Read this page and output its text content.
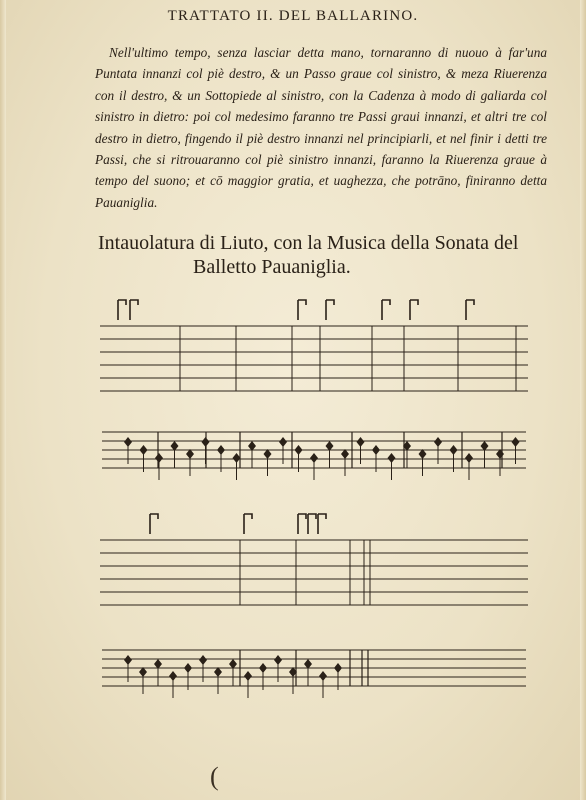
TRATTATO II. DEL BALLARINO.
Nell'ultimo tempo, senza lasciar detta mano, tornaranno di nuouo à far'una Puntata innanzi col piè destro, & un Passo graue col sinistro, & meza Riuerenza con il destro, & un Sottopiede al sinistro, con la Cadenza à modo di galiarda col sinistro in dietro: poi col medesimo faranno tre Passi graui innanzi, et altri tre col destro in dietro, fingendo il piè destro innanzi nel principiarli, et nel finir i detti tre Passi, che si ritrouaranno col piè sinistro innanzi, faranno la Riuerenza graue à tempo del suono; et cō maggior gratia, et uaghezza, che potrāno, finiranno detta Pauaniglia.
Intauolatura di Liuto, con la Musica della Sonata del
Balletto Pauaniglia.
(
